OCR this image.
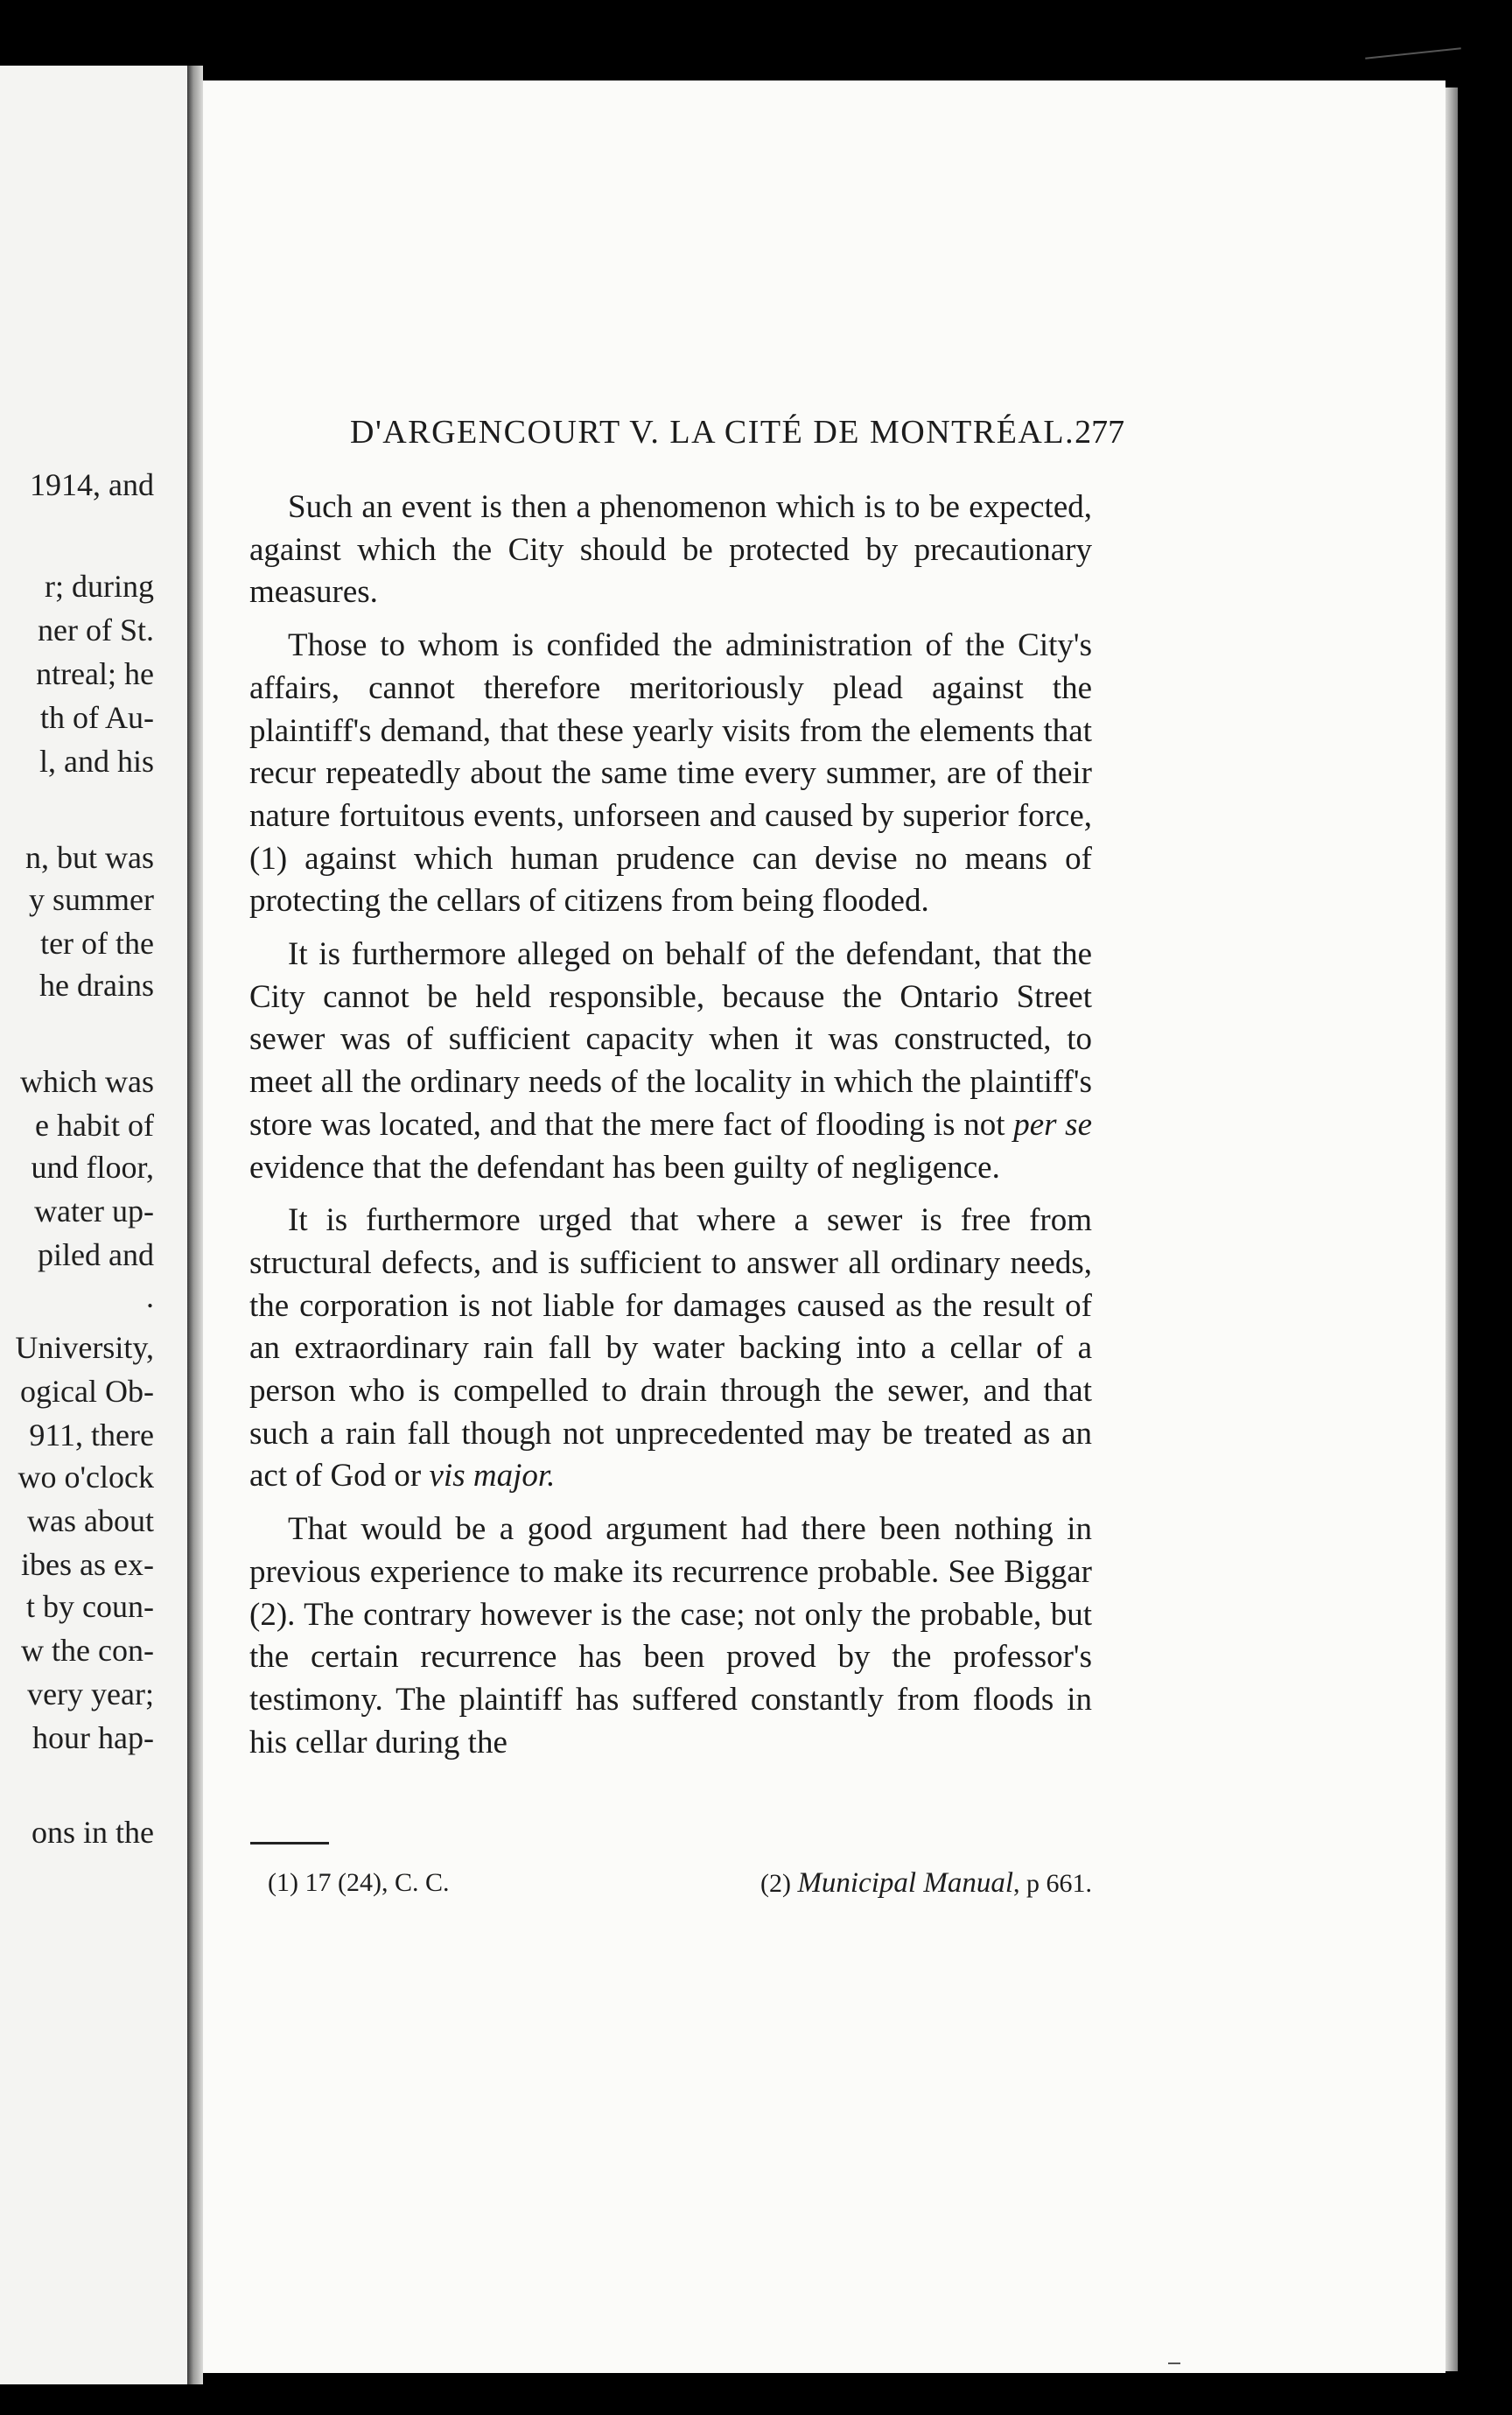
1914, and
r; during
ner of St.
ntreal; he
th of Au-
l, and his
n, but was
y summer
ter of the
he drains
which was
e habit of
und floor,
water up-
piled and
.
University,
ogical Ob-
911, there
wo o'clock
was about
ibes as ex-
t by coun-
w the con-
very year;
hour hap-
ons in the
D'ARGENCOURT V. LA CITÉ DE MONTRÉAL. 277

Such an event is then a phenomenon which is to be expected, against which the City should be protected by precautionary measures.

Those to whom is confided the administration of the City's affairs, cannot therefore meritoriously plead against the plaintiff's demand, that these yearly visits from the elements that recur repeatedly about the same time every summer, are of their nature fortuitous events, unforseen and caused by superior force, (1) against which human prudence can devise no means of protecting the cellars of citizens from being flooded.

It is furthermore alleged on behalf of the defendant, that the City cannot be held responsible, because the Ontario Street sewer was of sufficient capacity when it was constructed, to meet all the ordinary needs of the locality in which the plaintiff's store was located, and that the mere fact of flooding is not per se evidence that the defendant has been guilty of negligence.

It is furthermore urged that where a sewer is free from structural defects, and is sufficient to answer all ordinary needs, the corporation is not liable for damages caused as the result of an extraordinary rain fall by water backing into a cellar of a person who is compelled to drain through the sewer, and that such a rain fall though not unprecedented may be treated as an act of God or vis major.

That would be a good argument had there been nothing in previous experience to make its recurrence probable. See Biggar (2). The contrary however is the case; not only the probable, but the certain recurrence has been proved by the professor's testimony. The plaintiff has suffered constantly from floods in his cellar during the

(1) 17 (24), C. C.	(2) Municipal Manual, p 661.
